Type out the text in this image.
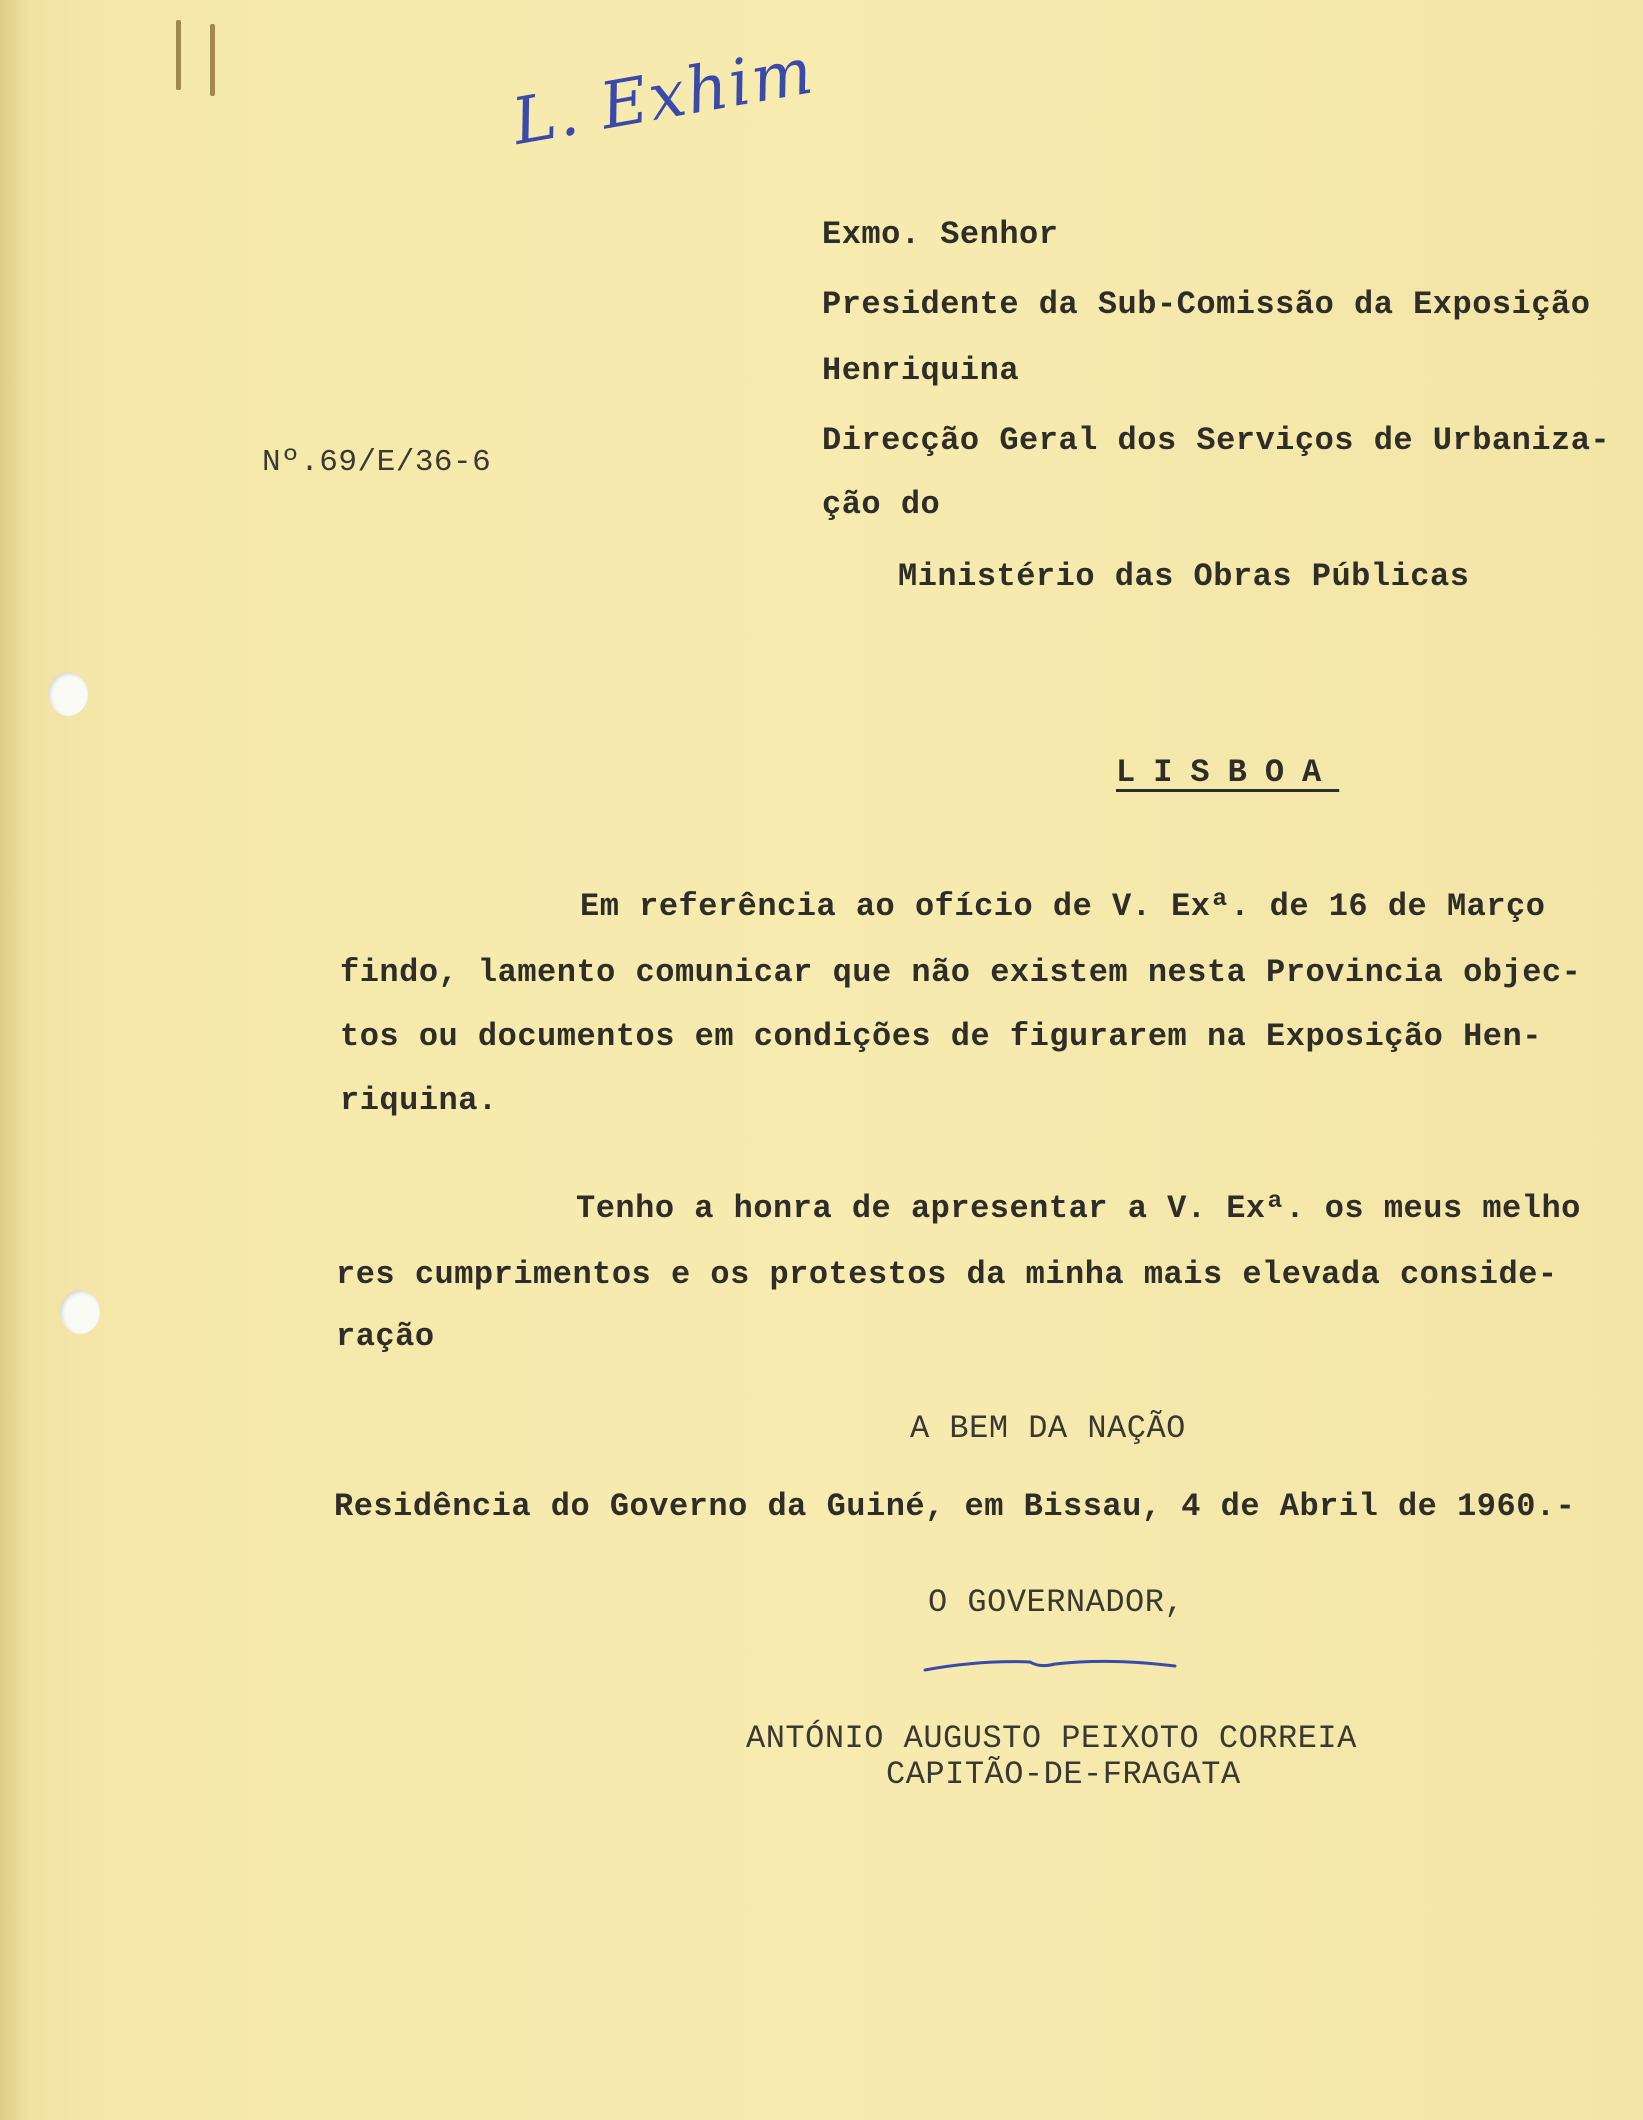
L. Exhim
Nº.69/E/36-6
Exmo. Senhor
Presidente da Sub-Comissão da Exposição
Henriquina
Direcção Geral dos Serviços de Urbaniza-
ção do
Ministério das Obras Públicas
LISBOA
Em referência ao ofício de V. Exª. de 16 de Março
findo, lamento comunicar que não existem nesta Provincia objec-
tos ou documentos em condições de figurarem na Exposição Hen-
riquina.
Tenho a honra de apresentar a V. Exª. os meus melho
res cumprimentos e os protestos da minha mais elevada conside-
ração
A BEM DA NAÇÃO
Residência do Governo da Guiné, em Bissau, 4 de Abril de 1960.-
O GOVERNADOR,
ANTÓNIO AUGUSTO PEIXOTO CORREIA
CAPITÃO-DE-FRAGATA
